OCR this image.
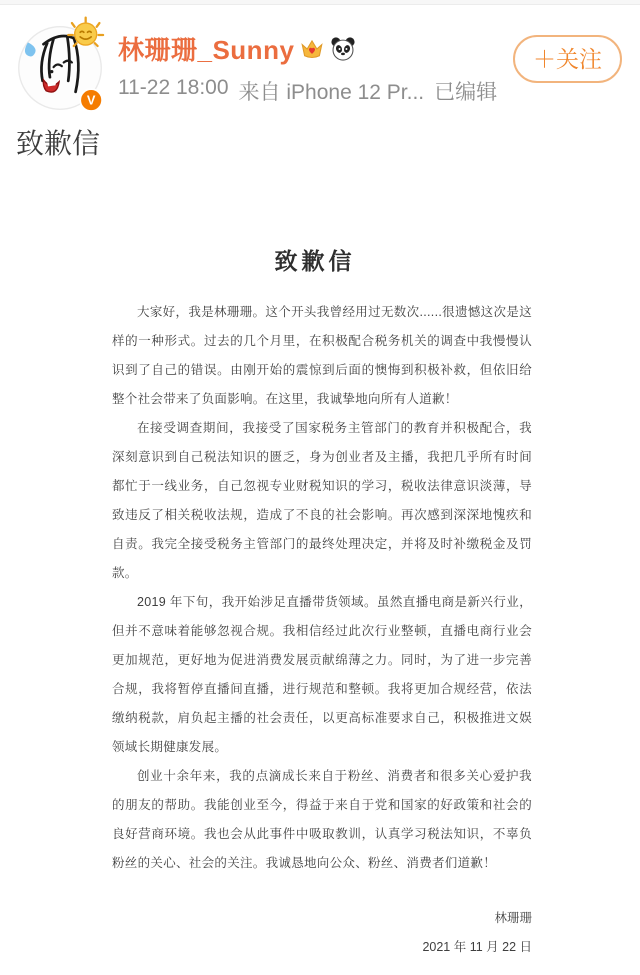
V
林珊珊_Sunny
11-22 18:00 来自 iPhone 12 Pr... 已编辑
＋关注
致歉信
致歉信

大家好，我是林珊珊。这个开头我曾经用过无数次......很遗憾这次是这样的一种形式。过去的几个月里，在积极配合税务机关的调查中我慢慢认识到了自己的错误。由刚开始的震惊到后面的懊悔到积极补救，但依旧给整个社会带来了负面影响。在这里，我诚挚地向所有人道歉！

在接受调查期间，我接受了国家税务主管部门的教育并积极配合，我深刻意识到自己税法知识的匮乏，身为创业者及主播，我把几乎所有时间都忙于一线业务，自己忽视专业财税知识的学习，税收法律意识淡薄，导致违反了相关税收法规，造成了不良的社会影响。再次感到深深地愧疚和自责。我完全接受税务主管部门的最终处理决定，并将及时补缴税金及罚款。

2019 年下旬，我开始涉足直播带货领域。虽然直播电商是新兴行业，但并不意味着能够忽视合规。我相信经过此次行业整顿，直播电商行业会更加规范，更好地为促进消费发展贡献绵薄之力。同时，为了进一步完善合规，我将暂停直播间直播，进行规范和整顿。我将更加合规经营，依法缴纳税款，肩负起主播的社会责任，以更高标准要求自己，积极推进文娱领域长期健康发展。

创业十余年来，我的点滴成长来自于粉丝、消费者和很多关心爱护我的朋友的帮助。我能创业至今，得益于来自于党和国家的好政策和社会的良好营商环境。我也会从此事件中吸取教训，认真学习税法知识，不辜负粉丝的关心、社会的关注。我诚恳地向公众、粉丝、消费者们道歉！

林珊珊
2021 年 11 月 22 日
